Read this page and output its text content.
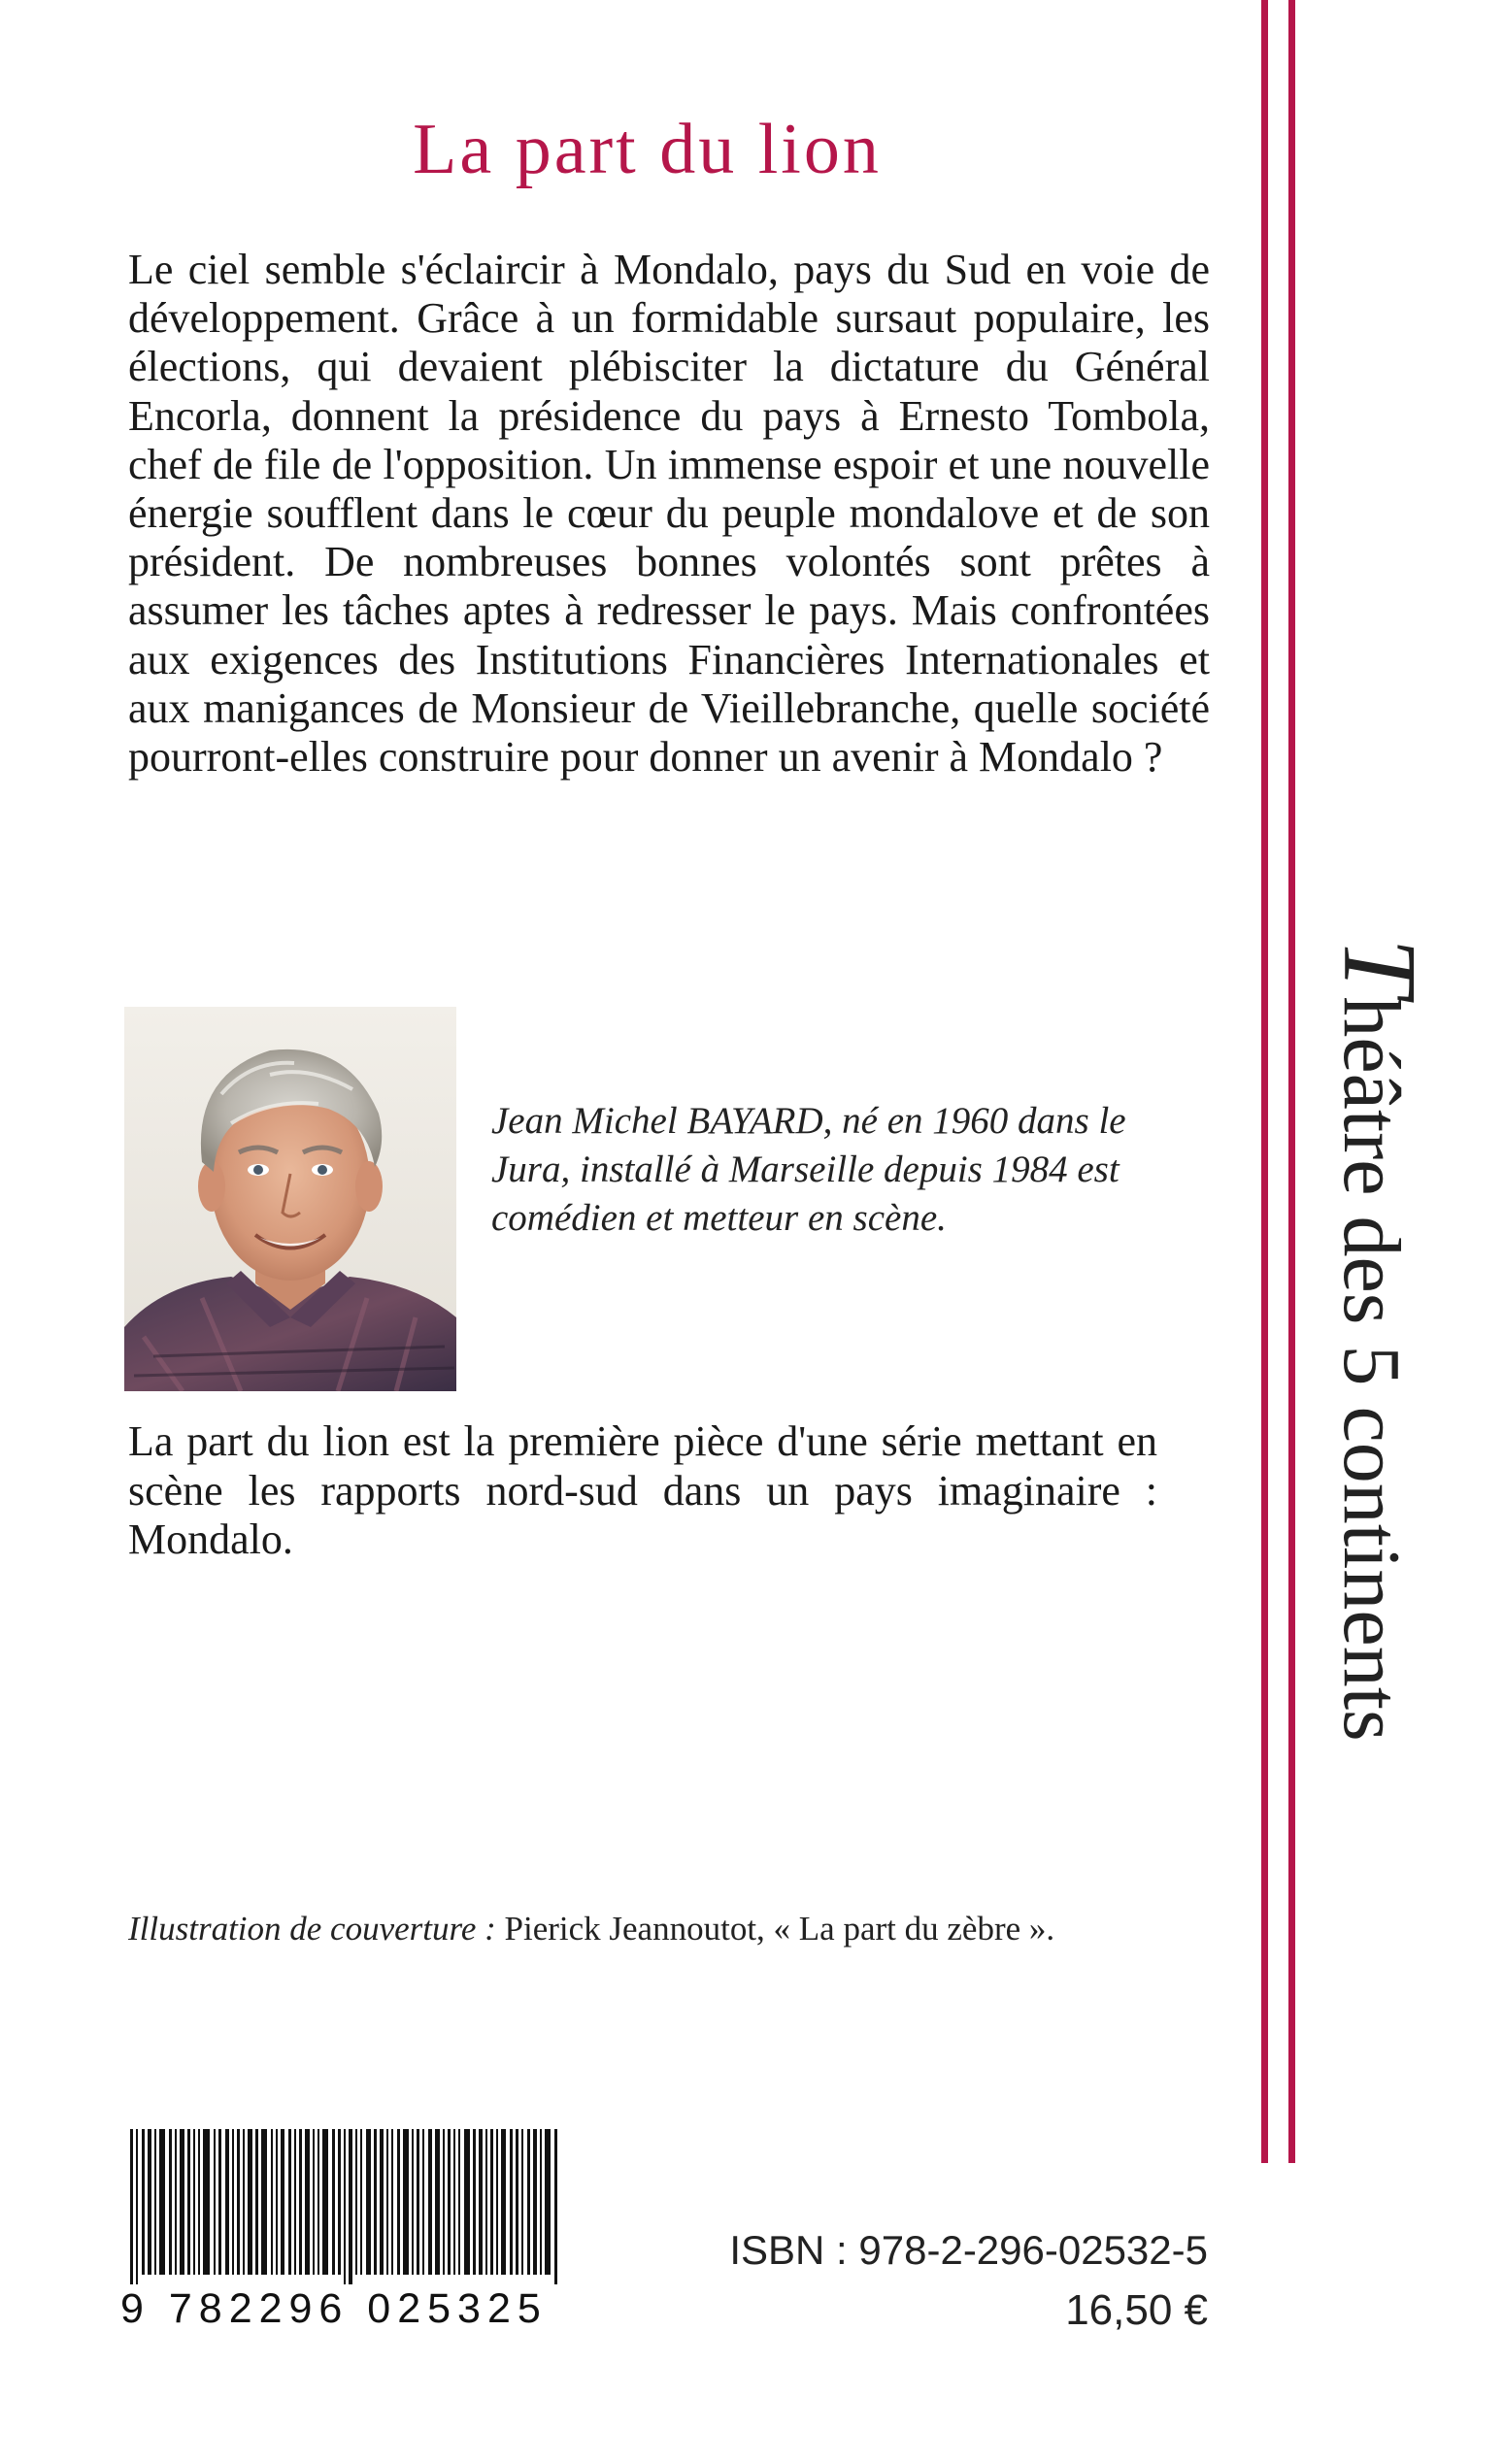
La part du lion

Le ciel semble s'éclaircir à Mondalo, pays du Sud en voie de développement. Grâce à un formidable sursaut populaire, les élections, qui devaient plébisciter la dictature du Général Encorla, donnent la présidence du pays à Ernesto Tombola, chef de file de l'opposition. Un immense espoir et une nouvelle énergie soufflent dans le cœur du peuple mondalove et de son président. De nombreuses bonnes volontés sont prêtes à assumer les tâches aptes à redresser le pays. Mais confrontées aux exigences des Institutions Financières Internationales et aux manigances de Monsieur de Vieillebranche, quelle société pourront-elles construire pour donner un avenir à Mondalo ?

Jean Michel BAYARD, né en 1960 dans le Jura, installé à Marseille depuis 1984 est comédien et metteur en scène.

La part du lion est la première pièce d'une série mettant en scène les rapports nord-sud dans un pays imaginaire : Mondalo.

Illustration de couverture : Pierick Jeannoutot, « La part du zèbre ».

Théâtre des 5 continents
9 782296 025325
ISBN : 978-2-296-02532-5
16,50 €
